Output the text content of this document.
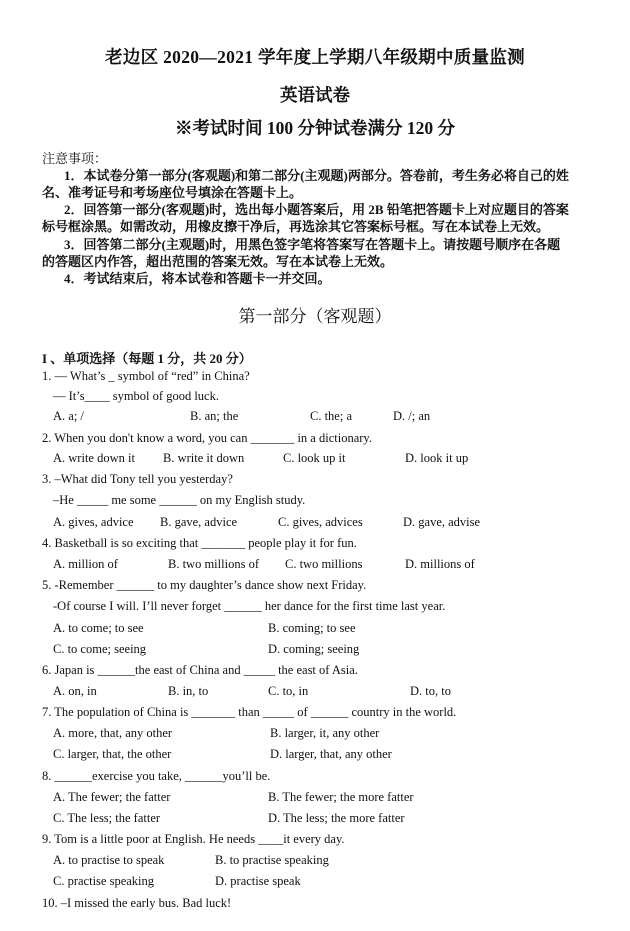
老边区 2020—2021 学年度上学期八年级期中质量监测
英语试卷
※考试时间 100 分钟试卷满分 120 分
注意事项：
1．本试卷分第一部分(客观题)和第二部分(主观题)两部分。答卷前，考生务必将自己的姓
名、准考证号和考场座位号填涂在答题卡上。
2．回答第一部分(客观题)时，选出每小题答案后，用 2B 铅笔把答题卡上对应题目的答案
标号框涂黑。如需改动，用橡皮擦干净后，再选涂其它答案标号框。写在本试卷上无效。
3．回答第二部分(主观题)时，用黑色签字笔将答案写在答题卡上。请按题号顺序在各题
的答题区内作答，超出范围的答案无效。写在本试卷上无效。
4．考试结束后，将本试卷和答题卡一并交回。
第一部分（客观题）
I 、单项选择（每题 1 分，共 20 分）
1. — What’s _ symbol of “red” in China?
— It’s____ symbol of good luck.
A. a; /	B. an; the	C. the; a	D. /; an
2. When you don't know a word, you can _______ in a dictionary.
A. write down it B. write it down	C. look up it	D. look it up
3. –What did Tony tell you yesterday?
–He _____ me some ______ on my English study.
A. gives, advice B. gave, advice	C. gives, advices	D. gave, advise
4. Basketball is so exciting that _______ people play it for fun.
A. million of	B. two millions of C. two millions	D. millions of
5. -Remember ______ to my daughter’s dance show next Friday.
-Of course I will. I’ll never forget ______ her dance for the first time last year.
A. to come; to see	B. coming; to see
C. to come; seeing	D. coming; seeing
6. Japan is ______the east of China and _____ the east of Asia.
A. on, in	B. in, to	C. to, in	D. to, to
7. The population of China is _______ than _____ of ______ country in the world.
A. more, that, any other	B. larger, it, any other
C. larger, that, the other	D. larger, that, any other
8. ______exercise you take, ______you’ll be.
A. The fewer; the fatter	B. The fewer; the more fatter
C. The less; the fatter	D. The less; the more fatter
9. Tom is a little poor at English. He needs ____it every day.
A. to practise to speak	B. to practise speaking
C. practise speaking	D. practise speak
10. –I missed the early bus. Bad luck!
